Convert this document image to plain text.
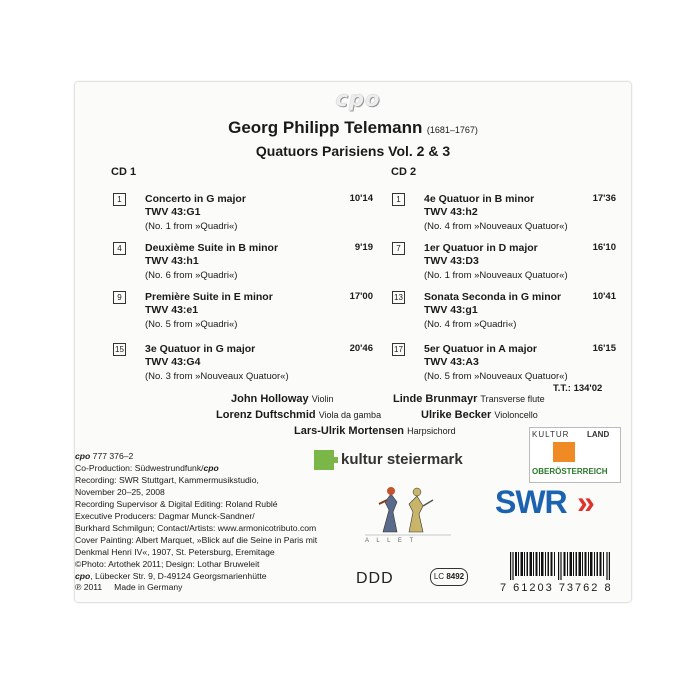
cpo
Georg Philipp Telemann (1681–1767)
Quatuors Parisiens Vol. 2 & 3
CD 1
1	Concerto in G major
TWV 43:G1
(No. 1 from »Quadri«)
10'14
4	Deuxième Suite in B minor
TWV 43:h1
(No. 6 from »Quadri«)
9'19
9	Première Suite in E minor
TWV 43:e1
(No. 5 from »Quadri«)
17'00
15 3e Quatuor in G major
TWV 43:G4
(No. 3 from »Nouveaux Quatuor«)
20'46
CD 2
1	4e Quatuor in B minor
TWV 43:h2
(No. 4 from »Nouveaux Quatuor«)
17'36
7	1er Quatuor in D major
TWV 43:D3
(No. 1 from »Nouveaux Quatuor«)
16'10
13 Sonata Seconda in G minor
TWV 43:g1
(No. 4 from »Quadri«)
10'41
17 5er Quatuor in A major
TWV 43:A3
(No. 5 from »Nouveaux Quatuor«)
16'15
T.T.: 134'02
John Holloway Violin	Linde Brunmayr Transverse flute
Lorenz Duftschmid Viola da gamba	Ulrike Becker Violoncello
Lars-Ulrik Mortensen Harpsichord
cpo 777 376–2
Co-Production: Südwestrundfunk/cpo
Recording: SWR Stuttgart, Kammermusikstudio,
November 20–25, 2008
Recording Supervisor & Digital Editing: Roland Rublé
Executive Producers: Dagmar Munck-Sandner/
Burkhard Schmilgun; Contact/Artists: www.armonicotributo.com
Cover Painting: Albert Marquet, »Blick auf die Seine in Paris mit
Denkmal Henri IV«, 1907, St. Petersburg, Eremitage
©Photo: Artothek 2011; Design: Lothar Bruweleit
cpo, Lübecker Str. 9, D-49124 Georgsmarienhütte
℗ 2011 Made in Germany
kultur steiermark
KULTUR LAND
OBERÖSTERREICH
SWR »
A L L E T
DDD	LC 8492
7 61203 73762 8
